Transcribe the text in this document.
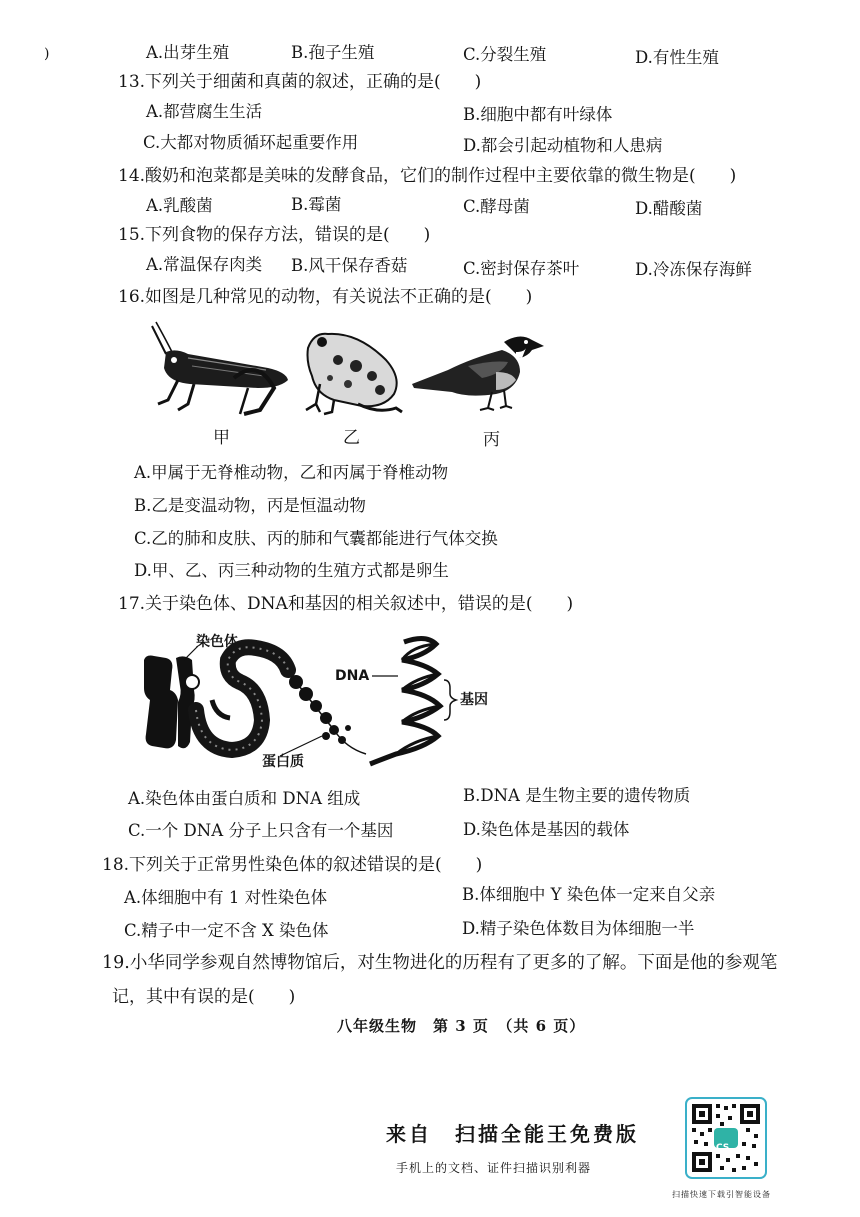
)	A.出芽生殖	B.孢子生殖	C.分裂生殖	D.有性生殖
13.下列关于细菌和真菌的叙述，正确的是(　　)
A.都营腐生生活	B.细胞中都有叶绿体
C.大都对物质循环起重要作用	D.都会引起动植物和人患病
14.酸奶和泡菜都是美味的发酵食品，它们的制作过程中主要依靠的微生物是(　　)
A.乳酸菌	B.霉菌	C.酵母菌	D.醋酸菌
15.下列食物的保存方法，错误的是(　　)
A.常温保存肉类 B.风干保存香菇	C.密封保存茶叶	D.冷冻保存海鲜
16.如图是几种常见的动物，有关说法不正确的是(　　)
甲	乙	丙
A.甲属于无脊椎动物，乙和丙属于脊椎动物
B.乙是变温动物，丙是恒温动物
C.乙的肺和皮肤、丙的肺和气囊都能进行气体交换
D.甲、乙、丙三种动物的生殖方式都是卵生
17.关于染色体、DNA和基因的相关叙述中，错误的是(　　)
染色体
DNA
基因
蛋白质
A.染色体由蛋白质和 DNA 组成	B.DNA 是生物主要的遗传物质
C.一个 DNA 分子上只含有一个基因	D.染色体是基因的载体
18.下列关于正常男性染色体的叙述错误的是(　　)
A.体细胞中有 1 对性染色体	B.体细胞中 Y 染色体一定来自父亲
C.精子中一定不含 X 染色体	D.精子染色体数目为体细胞一半
19.小华同学参观自然博物馆后，对生物进化的历程有了更多的了解。下面是他的参观笔
记，其中有误的是(　　)
八年级生物　第 3 页　（共 6 页）
来自　扫描全能王免费版
手机上的文档、证件扫描识别利器
CS
扫描快速下载引智能设备
